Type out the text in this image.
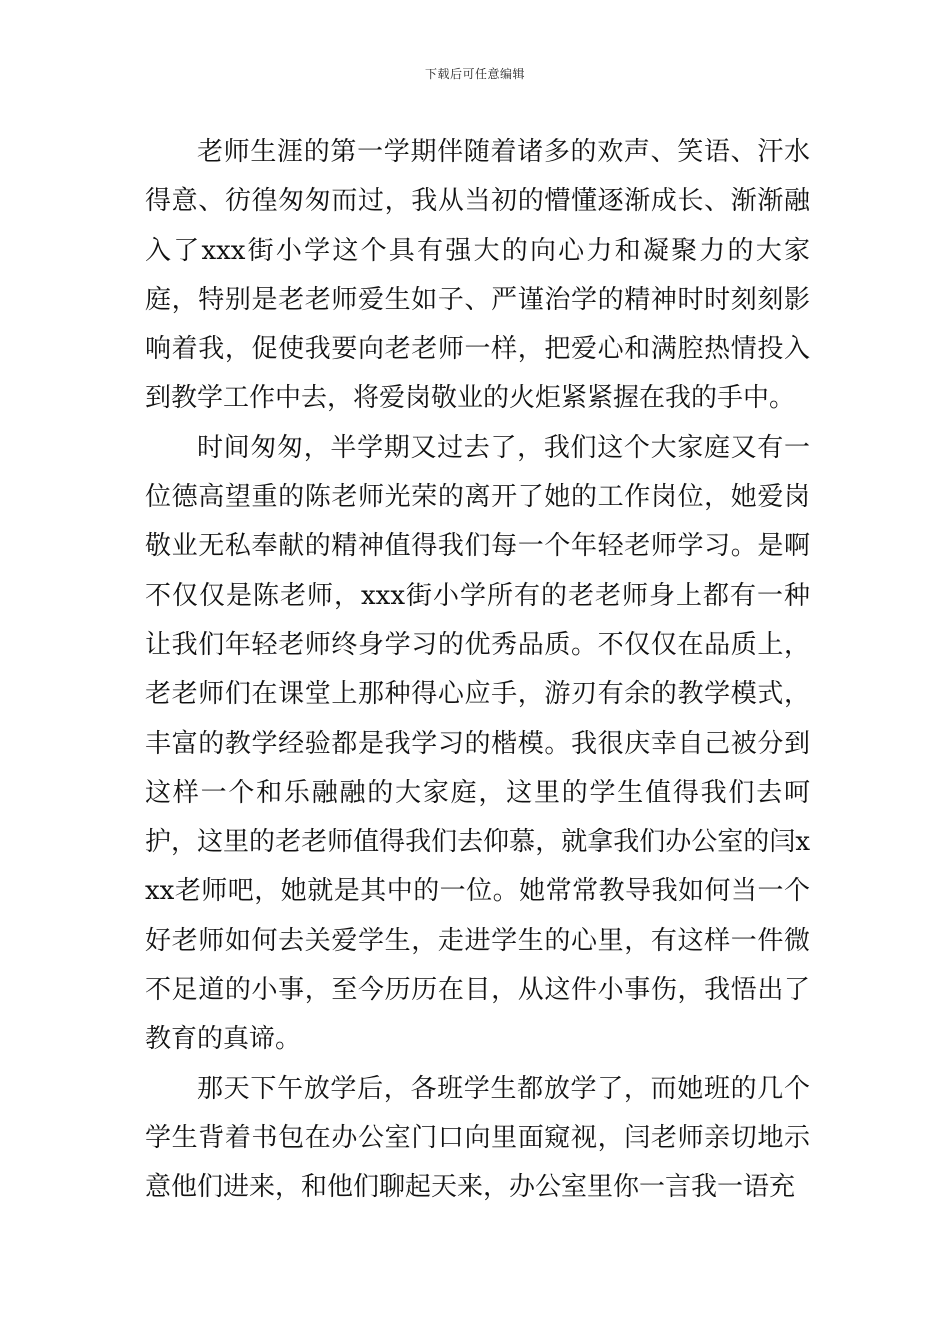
下载后可任意编辑

老师生涯的第一学期伴随着诸多的欢声、笑语、汗水得意、彷徨匆匆而过，我从当初的懵懂逐渐成长、渐渐融入了xxx街小学这个具有强大的向心力和凝聚力的大家庭，特别是老老师爱生如子、严谨治学的精神时时刻刻影响着我，促使我要向老老师一样，把爱心和满腔热情投入到教学工作中去，将爱岗敬业的火炬紧紧握在我的手中。

时间匆匆，半学期又过去了，我们这个大家庭又有一位德高望重的陈老师光荣的离开了她的工作岗位，她爱岗敬业无私奉献的精神值得我们每一个年轻老师学习。是啊不仅仅是陈老师，xxx街小学所有的老老师身上都有一种让我们年轻老师终身学习的优秀品质。不仅仅在品质上，老老师们在课堂上那种得心应手，游刃有余的教学模式，丰富的教学经验都是我学习的楷模。我很庆幸自己被分到这样一个和乐融融的大家庭，这里的学生值得我们去呵护，这里的老老师值得我们去仰慕，就拿我们办公室的闫xxx老师吧，她就是其中的一位。她常常教导我如何当一个好老师如何去关爱学生，走进学生的心里，有这样一件微不足道的小事，至今历历在目，从这件小事伤，我悟出了教育的真谛。

那天下午放学后，各班学生都放学了，而她班的几个学生背着书包在办公室门口向里面窥视，闫老师亲切地示意他们进来，和他们聊起天来，办公室里你一言我一语充
